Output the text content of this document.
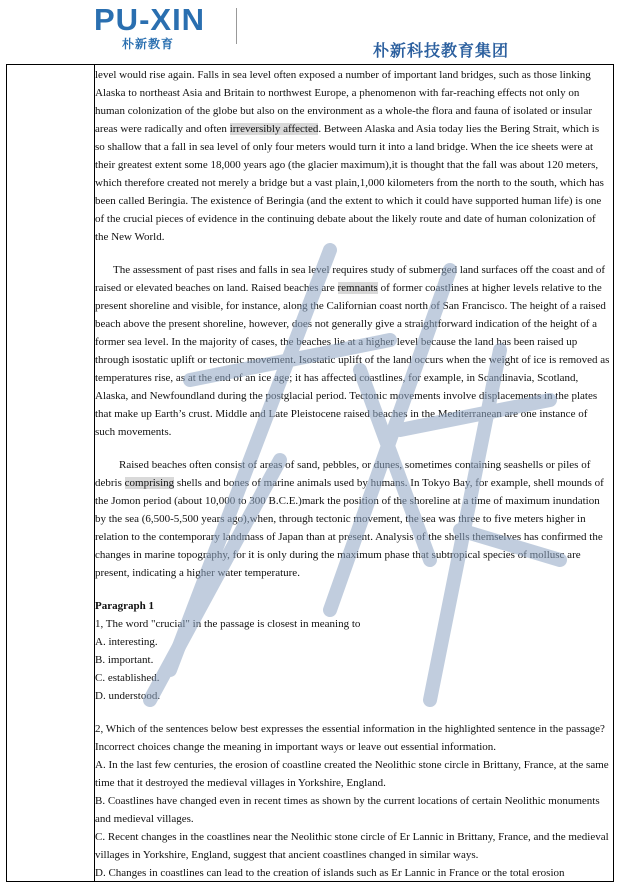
PU-XIN
朴新教育	朴新科技教育集团

level would rise again. Falls in sea level often exposed a number of important land bridges, such as those linking Alaska to northeast Asia and Britain to northwest Europe, a phenomenon with far-reaching effects not only on human colonization of the globe but also on the environment as a whole-the flora and fauna of isolated or insular areas were radically and often irreversibly affected. Between Alaska and Asia today lies the Bering Strait, which is so shallow that a fall in sea level of only four meters would turn it into a land bridge. When the ice sheets were at their greatest extent some 18,000 years ago (the glacier maximum),it is thought that the fall was about 120 meters, which therefore created not merely a bridge but a vast plain,1,000 kilometers from the north to the south, which has been called Beringia. The existence of Beringia (and the extent to which it could have supported human life) is one of the crucial pieces of evidence in the continuing debate about the likely route and date of human colonization of the New World.

The assessment of past rises and falls in sea level requires study of submerged land surfaces off the coast and of raised or elevated beaches on land. Raised beaches are remnants of former coastlines at higher levels relative to the present shoreline and visible, for instance, along the Californian coast north of San Francisco. The height of a raised beach above the present shoreline, however, does not generally give a straightforward indication of the height of a former sea level. In the majority of cases, the beaches lie at a higher level because the land has been raised up through isostatic uplift or tectonic movement. Isostatic uplift of the land occurs when the weight of ice is removed as temperatures rise, as at the end of an ice age; it has affected coastlines, for example, in Scandinavia, Scotland, Alaska, and Newfoundland during the postglacial period. Tectonic movements involve displacements in the plates that make up Earth’s crust. Middle and Late Pleistocene raised beaches in the Mediterranean are one instance of such movements.

Raised beaches often consist of areas of sand, pebbles, or dunes, sometimes containing seashells or piles of debris comprising shells and bones of marine animals used by humans. In Tokyo Bay, for example, shell mounds of the Jomon period (about 10,000 to 300 B.C.E.)mark the position of the shoreline at a time of maximum inundation by the sea (6,500-5,500 years ago),when, through tectonic movement, the sea was three to five meters higher in relation to the contemporary landmass of Japan than at present. Analysis of the shells themselves has confirmed the changes in marine topography, for it is only during the maximum phase that subtropical species of mollusc are present, indicating a higher water temperature.

Paragraph 1

1, The word "crucial" in the passage is closest in meaning to

A. interesting.

B. important.

C. established.

D. understood.

2, Which of the sentences below best expresses the essential information in the highlighted sentence in the passage? Incorrect choices change the meaning in important ways or leave out essential information.

A. In the last few centuries, the erosion of coastline created the Neolithic stone circle in Brittany, France, at the same time that it destroyed the medieval villages in Yorkshire, England.

B. Coastlines have changed even in recent times as shown by the current locations of certain Neolithic monuments and medieval villages.

C. Recent changes in the coastlines near the Neolithic stone circle of Er Lannic in Brittany, France, and the medieval villages in Yorkshire, England, suggest that ancient coastlines changed in similar ways.

D. Changes in coastlines can lead to the creation of islands such as Er Lannic in France or the total erosion
